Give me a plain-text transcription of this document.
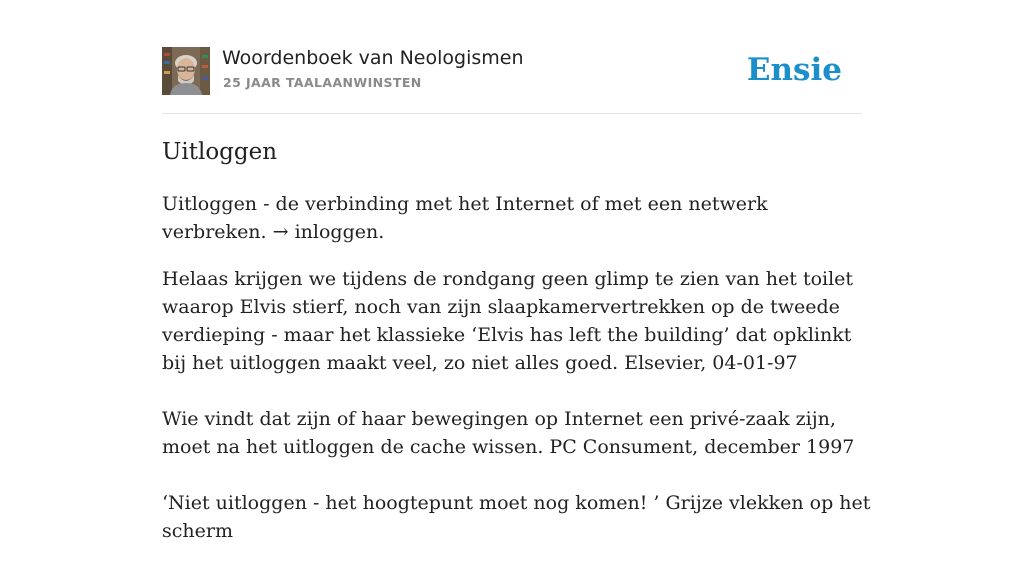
Woordenboek van Neologismen
25 JAAR TAALAANWINSTEN	Ensie
Uitloggen

Uitloggen - de verbinding met het Internet of met een netwerk verbreken. → inloggen.

Helaas krijgen we tijdens de rondgang geen glimp te zien van het toilet waarop Elvis stierf, noch van zijn slaapkamervertrekken op de tweede verdieping - maar het klassieke ‘Elvis has left the building’ dat opklinkt bij het uitloggen maakt veel, zo niet alles goed. Elsevier, 04-01-97

Wie vindt dat zijn of haar bewegingen op Internet een privé-zaak zijn, moet na het uitloggen de cache wissen. PC Consument, december 1997

‘Niet uitloggen - het hoogtepunt moet nog komen! ’ Grijze vlekken op het scherm
